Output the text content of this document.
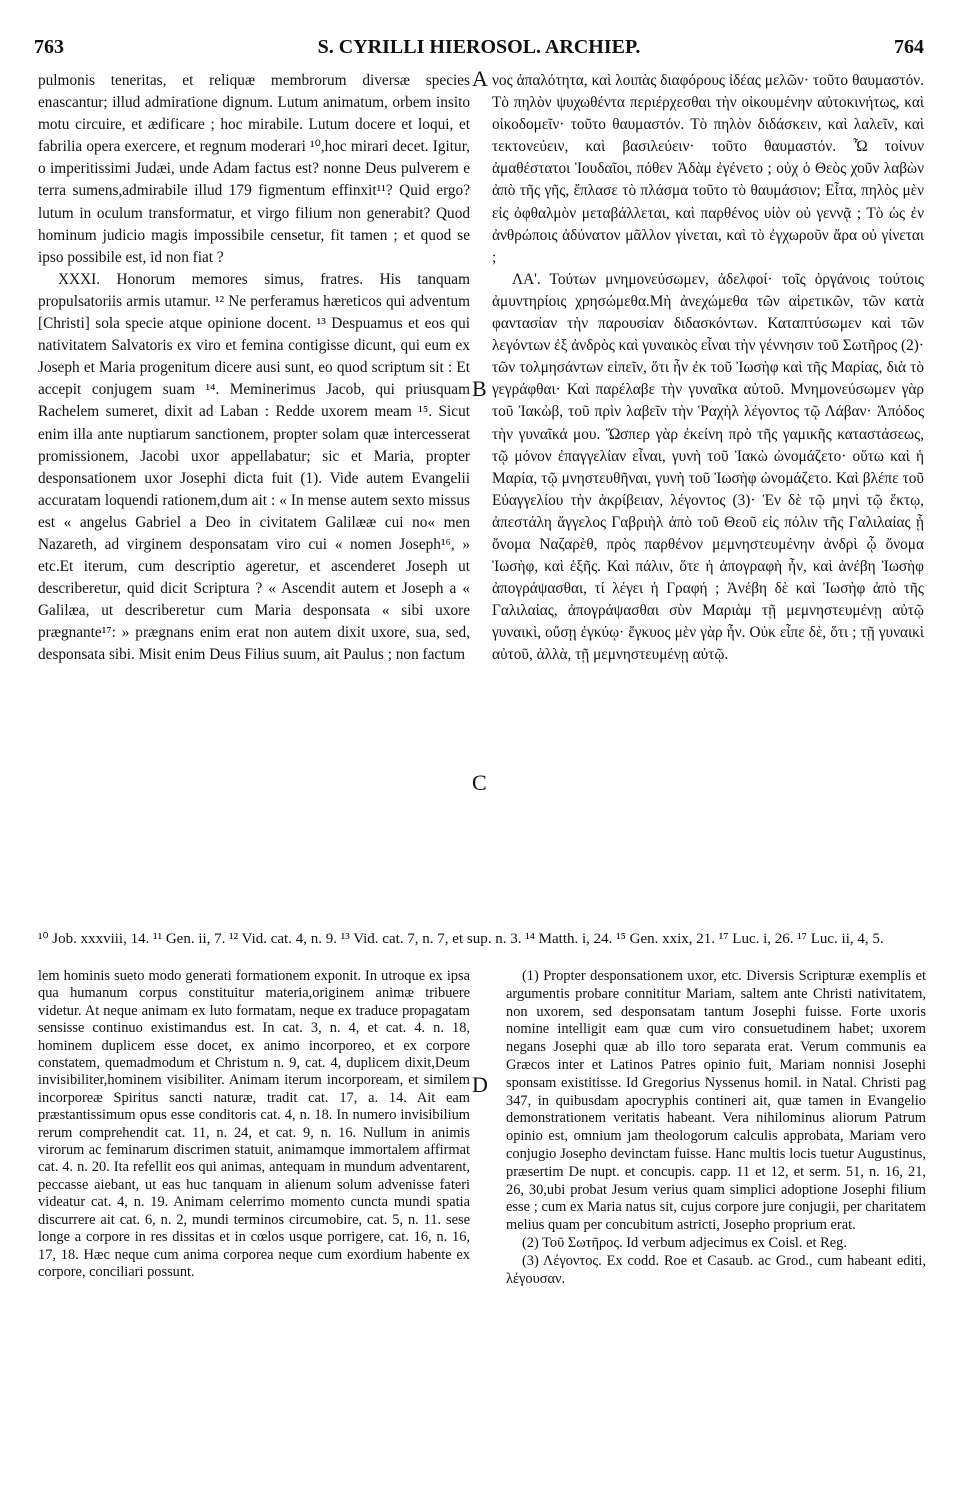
763	S. CYRILLI HIEROSOL. ARCHIEP.	764

pulmonis teneritas, et reliquæ membrorum diversæ species enascantur; illud admiratione dignum. Lutum animatum, orbem insito motu circuire, et ædificare ; hoc mirabile. Lutum docere et loqui, et fabrilia opera exercere, et regnum moderari ¹⁰,hoc mirari decet. Igitur, o imperitissimi Judæi, unde Adam factus est? nonne Deus pulverem e terra sumens,admirabile illud 179 figmentum effinxit¹¹? Quid ergo? lutum in oculum transformatur, et virgo filium non generabit? Quod hominum judicio magis impossibile censetur, fit tamen ; et quod se ipso possibile est, id non fiat ?

XXXI. Honorum memores simus, fratres. His tanquam propulsatoriis armis utamur. ¹² Ne perferamus hæreticos qui adventum [Christi] sola specie atque opinione docent. ¹³ Despuamus et eos qui nativitatem Salvatoris ex viro et femina contigisse dicunt, qui eum ex Joseph et Maria progenitum dicere ausi sunt, eo quod scriptum sit : Et accepit conjugem suam ¹⁴. Meminerimus Jacob, qui priusquam Rachelem sumeret, dixit ad Laban : Redde uxorem meam ¹⁵. Sicut enim illa ante nuptiarum sanctionem, propter solam quæ intercesserat promissionem, Jacobi uxor appellabatur; sic et Maria, propter desponsationem uxor Josephi dicta fuit (1). Vide autem Evangelii accuratam loquendi rationem,dum ait : « In mense autem sexto missus est « angelus Gabriel a Deo in civitatem Galilææ cui no« men Nazareth, ad virginem desponsatam viro cui « nomen Joseph¹⁶, » etc.Et iterum, cum descriptio ageretur, et ascenderet Joseph ut describeretur, quid dicit Scriptura ? « Ascendit autem et Joseph a « Galilæa, ut describeretur cum Maria desponsata « sibi uxore prægnante¹⁷: » prægnans enim erat non autem dixit uxore, sua, sed, desponsata sibi. Misit enim Deus Filius suum, ait Paulus ; non factum

A
B
C
D

νος ἁπαλότητα, καὶ λοιπὰς διαφόρους ἰδέας μελῶν· τοῦτο θαυμαστόν. Τὸ πηλὸν ψυχωθέντα περιέρχεσθαι τὴν οἰκουμένην αὐτοκινήτως, καὶ οἰκοδομεῖν· τοῦτο θαυμαστόν. Τὸ πηλὸν διδάσκειν, καὶ λαλεῖν, καὶ τεκτονεύειν, καὶ βασιλεύειν· τοῦτο θαυμαστόν. Ὦ τοίνυν ἀμαθέστατοι Ἰουδαῖοι, πόθεν Ἀδὰμ ἐγένετο ; οὐχ ὁ Θεὸς χοῦν λαβὼν ἀπὸ τῆς γῆς, ἔπλασε τὸ πλάσμα τοῦτο τὸ θαυμάσιον; Εἶτα, πηλὸς μὲν εἰς ὀφθαλμὸν μεταβάλλεται, καὶ παρθένος υἱὸν οὐ γεννᾷ ; Τὸ ὡς ἐν ἀνθρώποις ἀδύνατον μᾶλλον γίνεται, καὶ τὸ ἐγχωροῦν ἄρα οὐ γίνεται ;

ΛΑ'. Τούτων μνημονεύσωμεν, ἀδελφοί· τοῖς ὀργάνοις τούτοις ἀμυντηρίοις χρησώμεθα.Μὴ ἀνεχώμεθα τῶν αἱρετικῶν, τῶν κατὰ φαντασίαν τὴν παρουσίαν διδασκόντων. Καταπτύσωμεν καὶ τῶν λεγόντων ἐξ ἀνδρὸς καὶ γυναικὸς εἶναι τὴν γέννησιν τοῦ Σωτῆρος (2)· τῶν τολμησάντων εἰπεῖν, ὅτι ἦν ἐκ τοῦ Ἰωσὴφ καὶ τῆς Μαρίας, διὰ τὸ γεγράφθαι· Καὶ παρέλαβε τὴν γυναῖκα αὐτοῦ. Μνημονεύσωμεν γὰρ τοῦ Ἰακὼβ, τοῦ πρὶν λαβεῖν τὴν Ῥαχὴλ λέγοντος τῷ Λάβαν· Ἀπόδος τὴν γυναῖκά μου. Ὥσπερ γὰρ ἐκείνη πρὸ τῆς γαμικῆς καταστάσεως, τῷ μόνον ἐπαγγελίαν εἶναι, γυνὴ τοῦ Ἰακὼ ὠνομάζετο· οὕτω καὶ ἡ Μαρία, τῷ μνηστευθῆναι, γυνὴ τοῦ Ἰωσὴφ ὠνομάζετο. Καὶ βλέπε τοῦ Εὐαγγελίου τὴν ἀκρίβειαν, λέγοντος (3)· Ἐν δὲ τῷ μηνὶ τῷ ἕκτῳ, ἀπεστάλη ἄγγελος Γαβριὴλ ἀπὸ τοῦ Θεοῦ εἰς πόλιν τῆς Γαλιλαίας ᾗ ὄνομα Ναζαρὲθ, πρὸς παρθένον μεμνηστευμένην ἀνδρὶ ᾧ ὄνομα Ἰωσὴφ, καὶ ἑξῆς. Καὶ πάλιν, ὅτε ἡ ἀπογραφὴ ἦν, καὶ ἀνέβη Ἰωσὴφ ἀπογράψασθαι, τί λέγει ἡ Γραφή ; Ἀνέβη δὲ καὶ Ἰωσὴφ ἀπὸ τῆς Γαλιλαίας, ἀπογράψασθαι σὺν Μαριὰμ τῇ μεμνηστευμένῃ αὐτῷ γυναικὶ, οὔσῃ ἐγκύῳ· ἔγκυος μὲν γὰρ ἦν. Οὐκ εἶπε δὲ, ὅτι ; τῇ γυναικὶ αὐτοῦ, ἀλλὰ, τῇ μεμνηστευμένῃ αὐτῷ.

¹⁰ Job. xxxviii, 14. ¹¹ Gen. ii, 7. ¹² Vid. cat. 4, n. 9. ¹³ Vid. cat. 7, n. 7, et sup. n. 3. ¹⁴ Matth. i, 24. ¹⁵ Gen. xxix, 21. ¹⁷ Luc. i, 26. ¹⁷ Luc. ii, 4, 5.

lem hominis sueto modo generati formationem exponit. In utroque ex ipsa qua humanum corpus constituitur materia,originem animæ tribuere videtur. At neque animam ex luto formatam, neque ex traduce propagatam sensisse continuo existimandus est. In cat. 3, n. 4, et cat. 4. n. 18, hominem duplicem esse docet, ex animo incorporeo, et ex corpore constatem, quemadmodum et Christum n. 9, cat. 4, duplicem dixit,Deum invisibiliter,hominem visibiliter. Animam iterum incorpoream, et similem incorporeæ Spiritus sancti naturæ, tradit cat. 17, a. 14. Ait eam præstantissimum opus esse conditoris cat. 4, n. 18. In numero invisibilium rerum comprehendit cat. 11, n. 24, et cat. 9, n. 16. Nullum in animis virorum ac feminarum discrimen statuit, animamque immortalem affirmat cat. 4. n. 20. Ita refellit eos qui animas, antequam in mundum adventarent, peccasse aiebant, ut eas huc tanquam in alienum solum advenisse fateri videatur cat. 4, n. 19. Animam celerrimo momento cuncta mundi spatia discurrere ait cat. 6, n. 2, mundi terminos circumobire, cat. 5, n. 11. sese longe a corpore in res dissitas et in cœlos usque porrigere, cat. 16, n. 16, 17, 18. Hæc neque cum anima corporea neque cum exordium habente ex corpore, conciliari possunt.

(1) Propter desponsationem uxor, etc. Diversis Scripturæ exemplis et argumentis probare connititur Mariam, saltem ante Christi nativitatem, non uxorem, sed desponsatam tantum Josephi fuisse. Forte uxoris nomine intelligit eam quæ cum viro consuetudinem habet; uxorem negans Josephi quæ ab illo toro separata erat. Verum communis ea Græcos inter et Latinos Patres opinio fuit, Mariam nonnisi Josephi sponsam existitisse. Id Gregorius Nyssenus homil. in Natal. Christi pag 347, in quibusdam apocryphis contineri ait, quæ tamen in Evangelio demonstrationem veritatis habeant. Vera nihilominus aliorum Patrum opinio est, omnium jam theologorum calculis approbata, Mariam vero conjugio Josepho devinctam fuisse. Hanc multis locis tuetur Augustinus, præsertim De nupt. et concupis. capp. 11 et 12, et serm. 51, n. 16, 21, 26, 30,ubi probat Jesum verius quam simplici adoptione Josephi filium esse ; cum ex Maria natus sit, cujus corpore jure conjugii, per charitatem melius quam per concubitum astricti, Josepho proprium erat.

(2) Τοῦ Σωτῆρος. Id verbum adjecimus ex Coisl. et Reg.

(3) Λέγοντος. Ex codd. Roe et Casaub. ac Grod., cum habeant editi, λέγουσαν.
